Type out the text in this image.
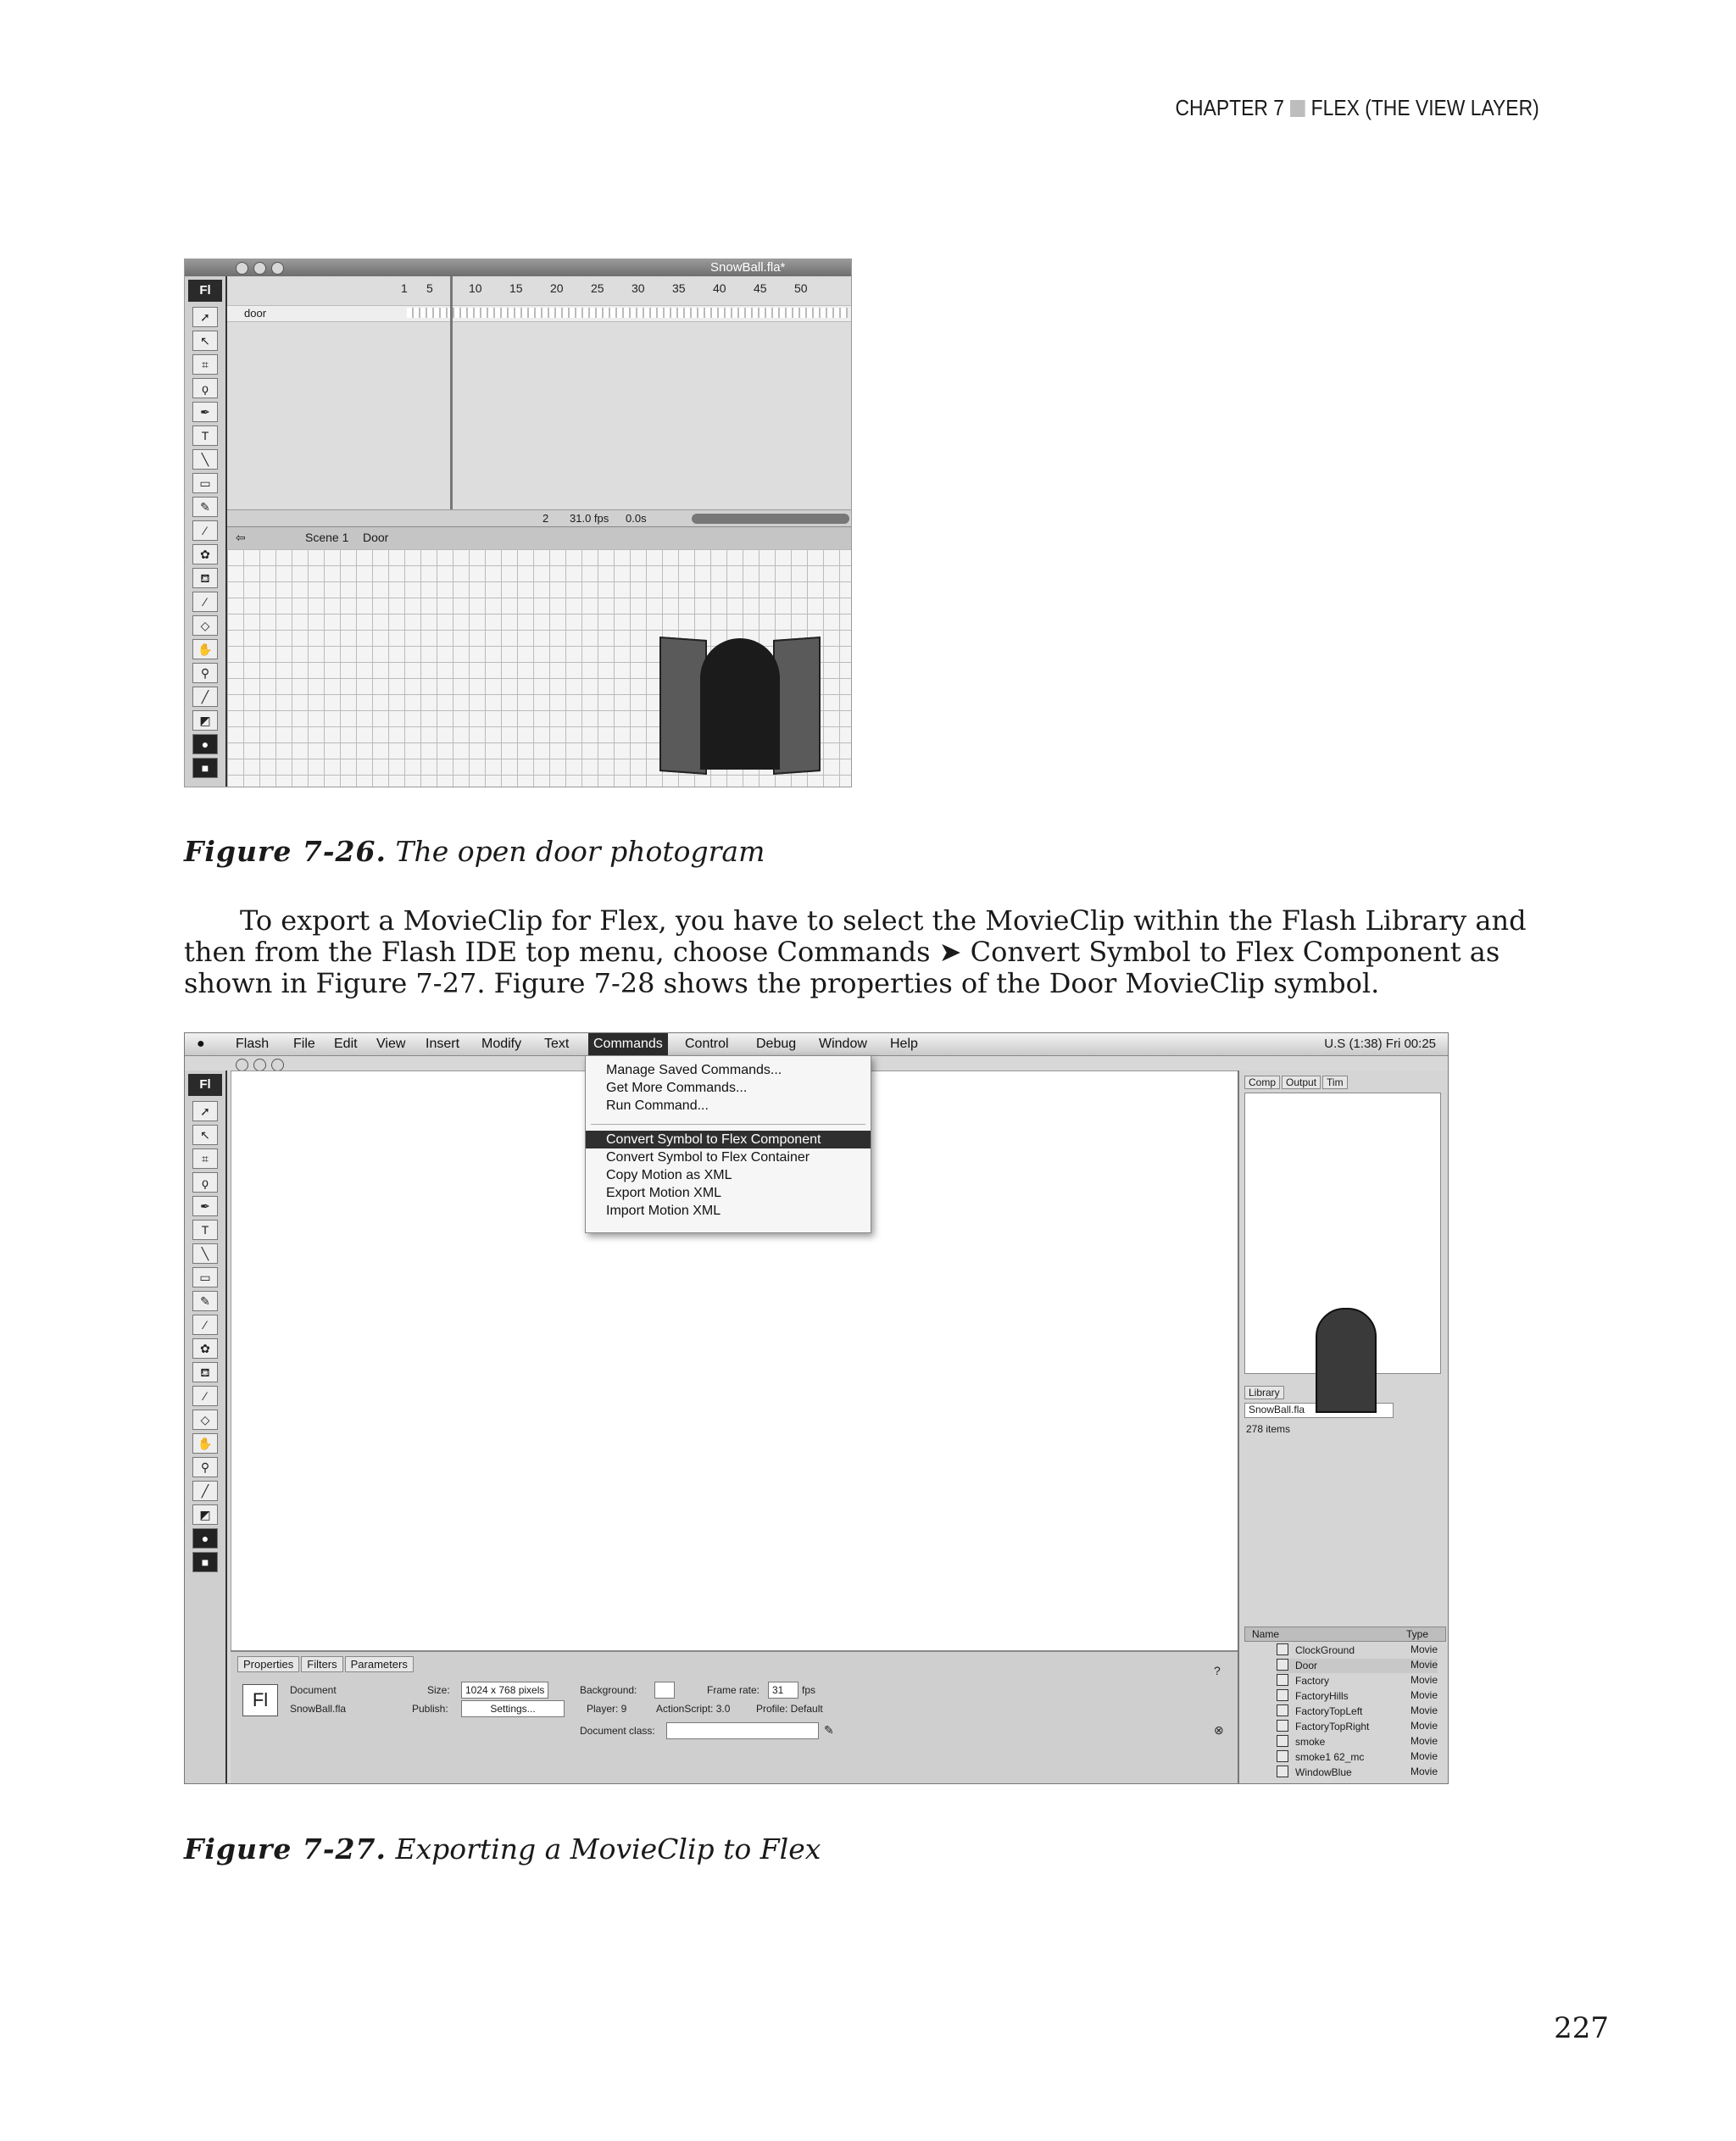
CHAPTER 7 FLEX (THE VIEW LAYER)
SnowBall.fla*
Fl
➚
↖
⌗
ϙ
✒
T
╲
▭
✎
⁄
✿
⛾
⁄
◇
✋
⚲
╱
◩
●
■
1 5	10 15 20 25 30 35 40 45 50
door
2 31.0 fps 0.0s
⇦	Scene 1 Door
Figure 7-26. The open door photogram

To export a MovieClip for Flex, you have to select the MovieClip within the Flash Library and then from the Flash IDE top menu, choose Commands ➤ Convert Symbol to Flex Component as shown in Figure 7-27. Figure 7-28 shows the properties of the Door MovieClip symbol.

● Flash File Edit View Insert Modify Text	Commands	Control Debug Window Help	U.S (1:38) Fri 00:25
Fl
➚
↖
⌗
ϙ
✒
T
╲
▭
✎
⁄
✿
⛾
⁄
◇
✋
⚲
╱
◩
●
■
Manage Saved Commands...
Get More Commands...
Run Command...
Convert Symbol to Flex Component
Convert Symbol to Flex Container
Copy Motion as XML
Export Motion XML
Import Motion XML
Properties Filters Parameters
Fl	Document
SnowBall.fla
Size:	1024 x 768 pixels
Publish:	Settings...
Background:	Frame rate:	31	fps
Player: 9	ActionScript: 3.0	Profile: Default
Document class:	✎
?
⊗
Comp Output Tim
Library
SnowBall.fla
278 items
Name	Type
ClockGround	Movie
Door	Movie
Factory	Movie
FactoryHills	Movie
FactoryTopLeft	Movie
FactoryTopRight	Movie
smoke	Movie
smoke1 62_mc	Movie
WindowBlue	Movie
Figure 7-27. Exporting a MovieClip to Flex
227
